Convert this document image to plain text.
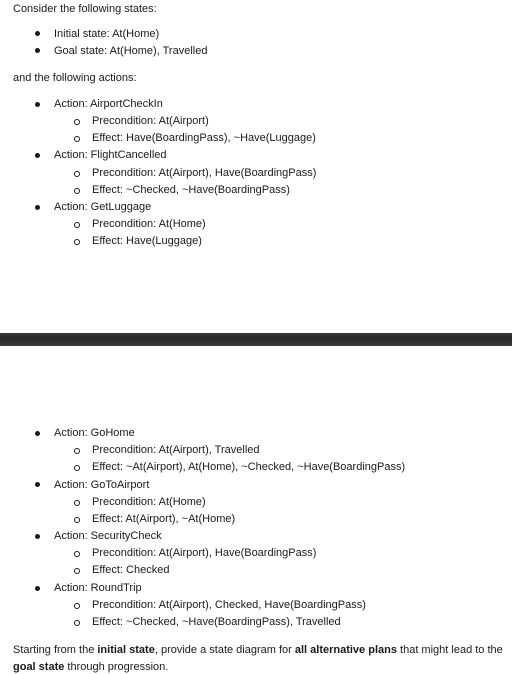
Consider the following states:
Initial state: At(Home)
Goal state: At(Home), Travelled
and the following actions:
Action: AirportCheckIn
Precondition: At(Airport)
Effect: Have(BoardingPass), ~Have(Luggage)
Action: FlightCancelled
Precondition: At(Airport), Have(BoardingPass)
Effect: ~Checked, ~Have(BoardingPass)
Action: GetLuggage
Precondition: At(Home)
Effect: Have(Luggage)
Action: GoHome
Precondition: At(Airport), Travelled
Effect: ~At(Airport), At(Home), ~Checked, ~Have(BoardingPass)
Action: GoToAirport
Precondition: At(Home)
Effect: At(Airport), ~At(Home)
Action: SecurityCheck
Precondition: At(Airport), Have(BoardingPass)
Effect: Checked
Action: RoundTrip
Precondition: At(Airport), Checked, Have(BoardingPass)
Effect: ~Checked, ~Have(BoardingPass), Travelled
Starting from the initial state, provide a state diagram for all alternative plans that might lead to the
goal state through progression.
